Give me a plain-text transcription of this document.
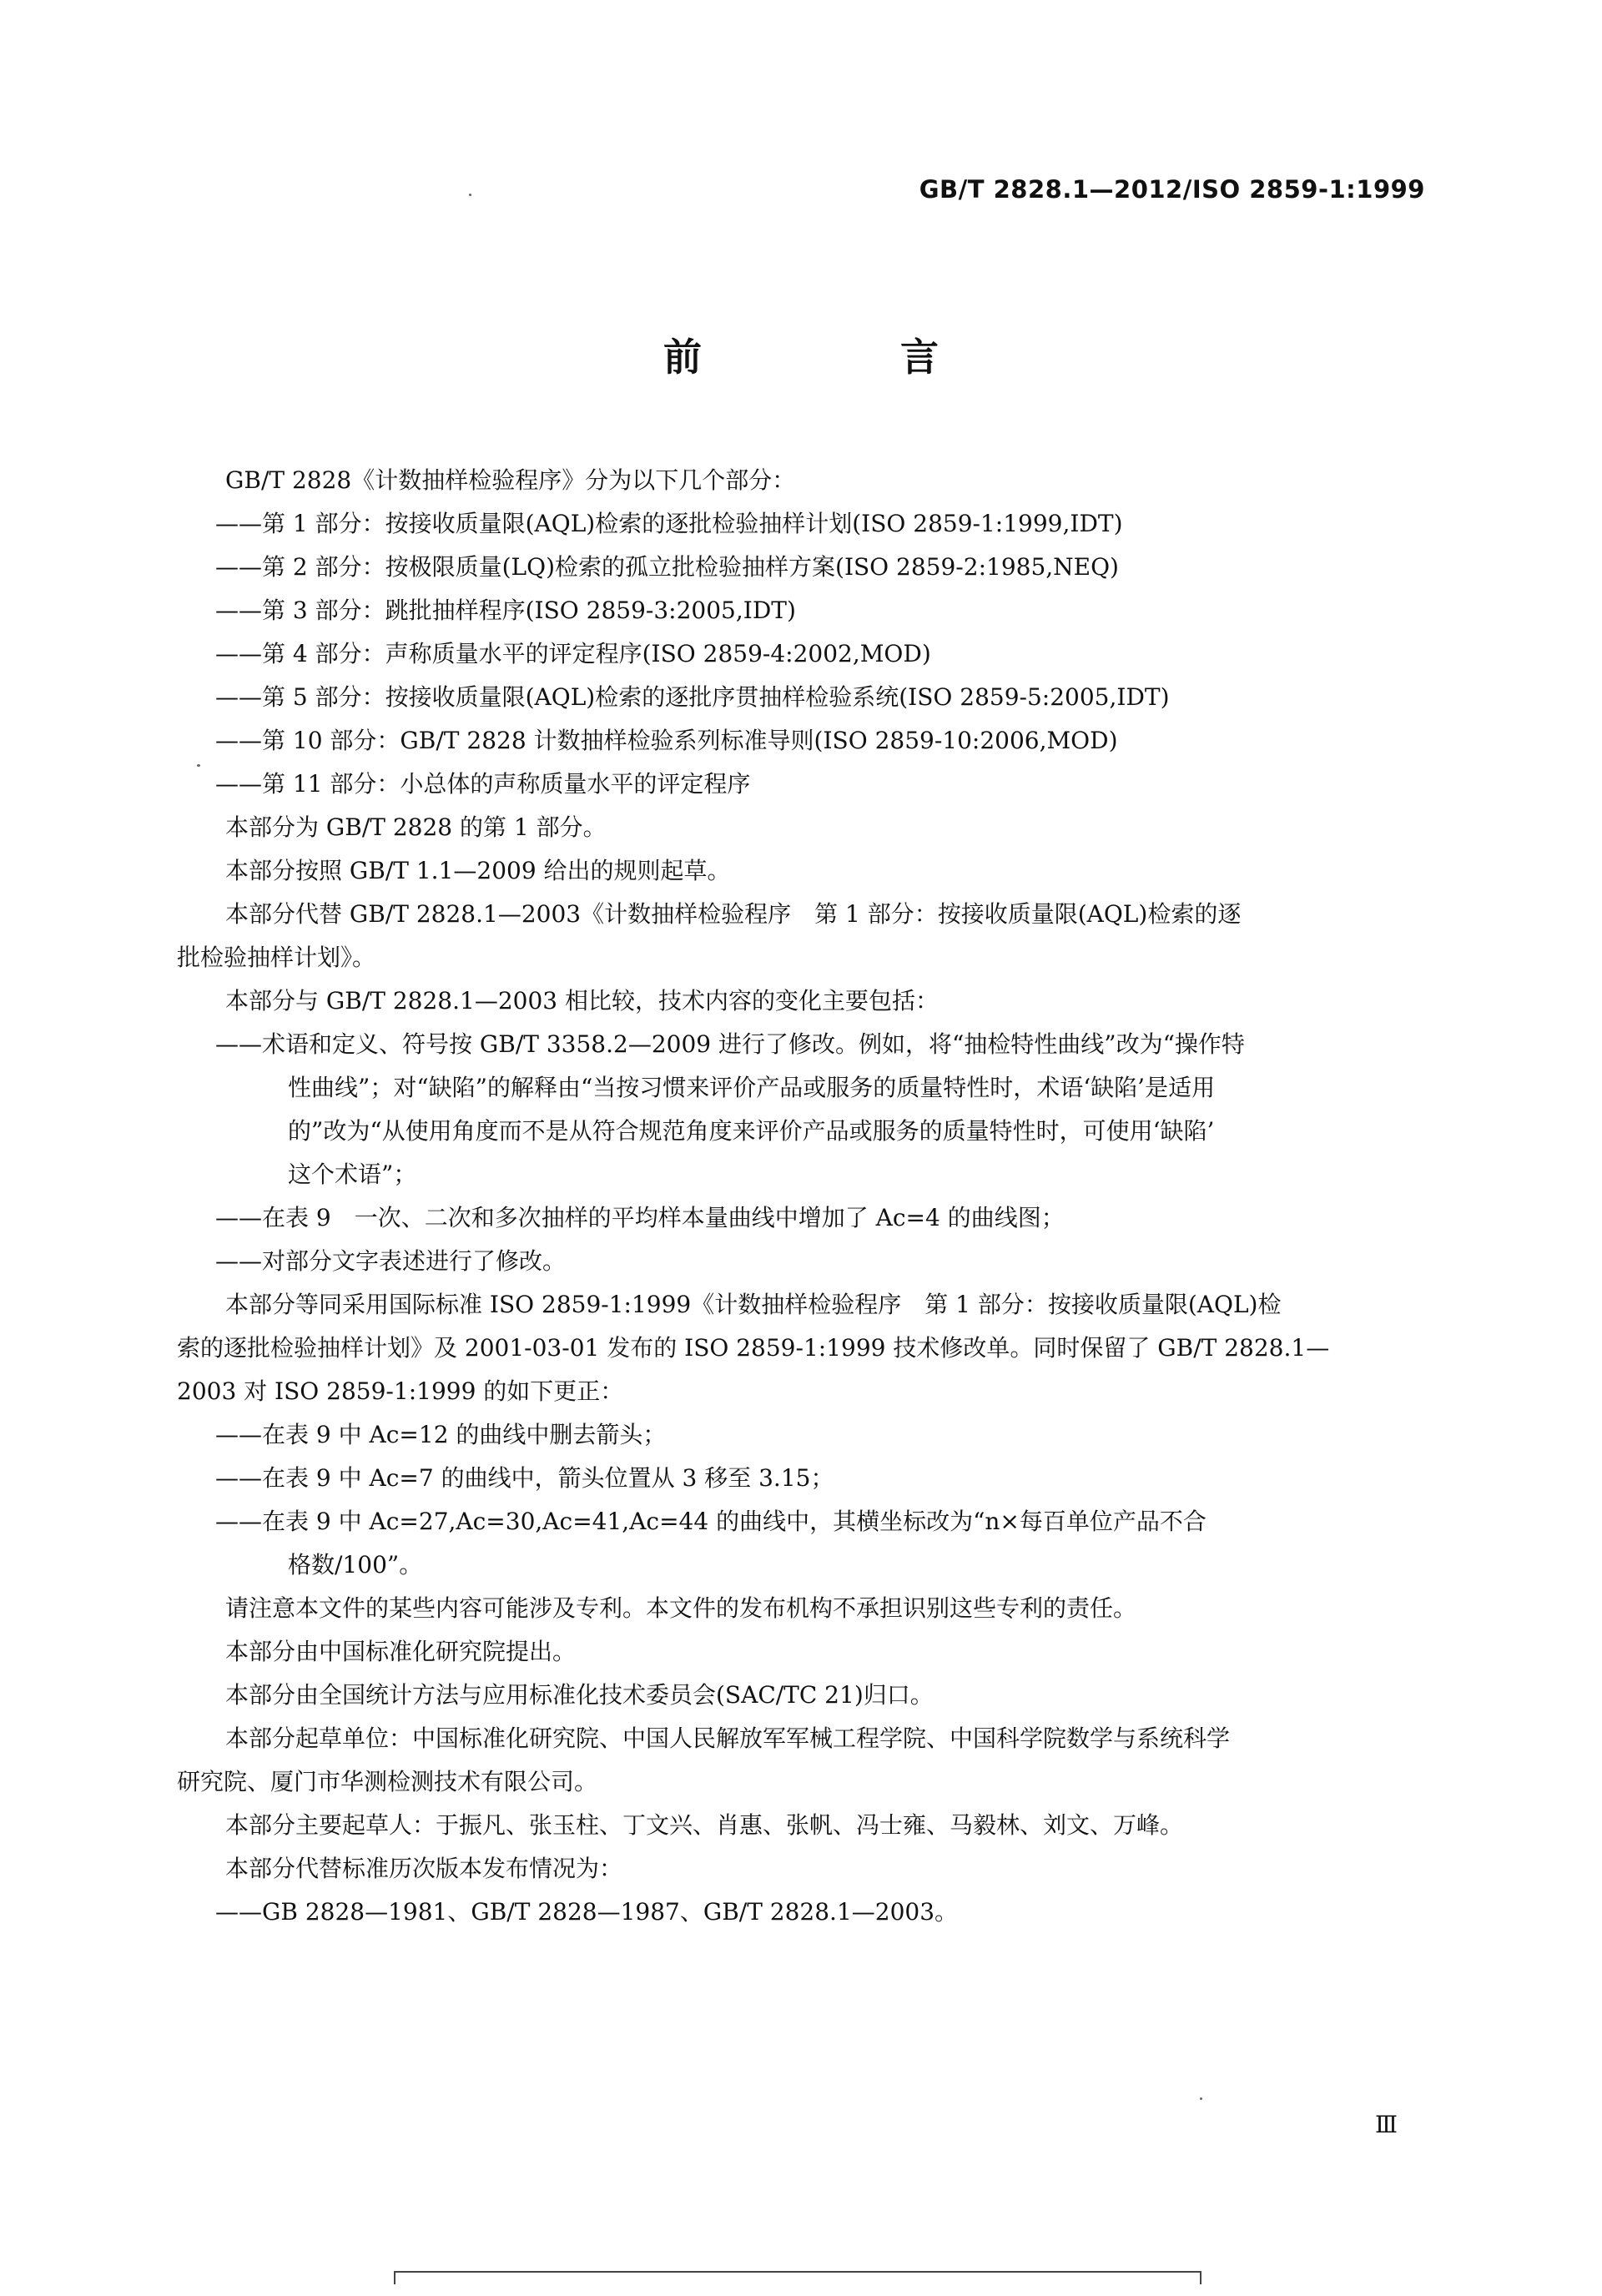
GB/T 2828.1—2012/ISO 2859-1:1999
前　言
GB/T 2828《计数抽样检验程序》分为以下几个部分：
——第 1 部分：按接收质量限(AQL)检索的逐批检验抽样计划(ISO 2859-1:1999,IDT)
——第 2 部分：按极限质量(LQ)检索的孤立批检验抽样方案(ISO 2859-2:1985,NEQ)
——第 3 部分：跳批抽样程序(ISO 2859-3:2005,IDT)
——第 4 部分：声称质量水平的评定程序(ISO 2859-4:2002,MOD)
——第 5 部分：按接收质量限(AQL)检索的逐批序贯抽样检验系统(ISO 2859-5:2005,IDT)
——第 10 部分：GB/T 2828 计数抽样检验系列标准导则(ISO 2859-10:2006,MOD)
——第 11 部分：小总体的声称质量水平的评定程序
本部分为 GB/T 2828 的第 1 部分。
本部分按照 GB/T 1.1—2009 给出的规则起草。
本部分代替 GB/T 2828.1—2003《计数抽样检验程序　第 1 部分：按接收质量限(AQL)检索的逐
批检验抽样计划》。
本部分与 GB/T 2828.1—2003 相比较，技术内容的变化主要包括：
——术语和定义、符号按 GB/T 3358.2—2009 进行了修改。例如，将“抽检特性曲线”改为“操作特
性曲线”；对“缺陷”的解释由“当按习惯来评价产品或服务的质量特性时，术语‘缺陷’是适用
的”改为“从使用角度而不是从符合规范角度来评价产品或服务的质量特性时，可使用‘缺陷’
这个术语”；
——在表 9　一次、二次和多次抽样的平均样本量曲线中增加了 Ac=4 的曲线图；
——对部分文字表述进行了修改。
本部分等同采用国际标准 ISO 2859-1:1999《计数抽样检验程序　第 1 部分：按接收质量限(AQL)检
索的逐批检验抽样计划》及 2001-03-01 发布的 ISO 2859-1:1999 技术修改单。同时保留了 GB/T 2828.1—
2003 对 ISO 2859-1:1999 的如下更正：
——在表 9 中 Ac=12 的曲线中删去箭头；
——在表 9 中 Ac=7 的曲线中，箭头位置从 3 移至 3.15；
——在表 9 中 Ac=27,Ac=30,Ac=41,Ac=44 的曲线中，其横坐标改为“n×每百单位产品不合
格数/100”。
请注意本文件的某些内容可能涉及专利。本文件的发布机构不承担识别这些专利的责任。
本部分由中国标准化研究院提出。
本部分由全国统计方法与应用标准化技术委员会(SAC/TC 21)归口。
本部分起草单位：中国标准化研究院、中国人民解放军军械工程学院、中国科学院数学与系统科学
研究院、厦门市华测检测技术有限公司。
本部分主要起草人：于振凡、张玉柱、丁文兴、肖惠、张帆、冯士雍、马毅林、刘文、万峰。
本部分代替标准历次版本发布情况为：
——GB 2828—1981、GB/T 2828—1987、GB/T 2828.1—2003。
Ⅲ
